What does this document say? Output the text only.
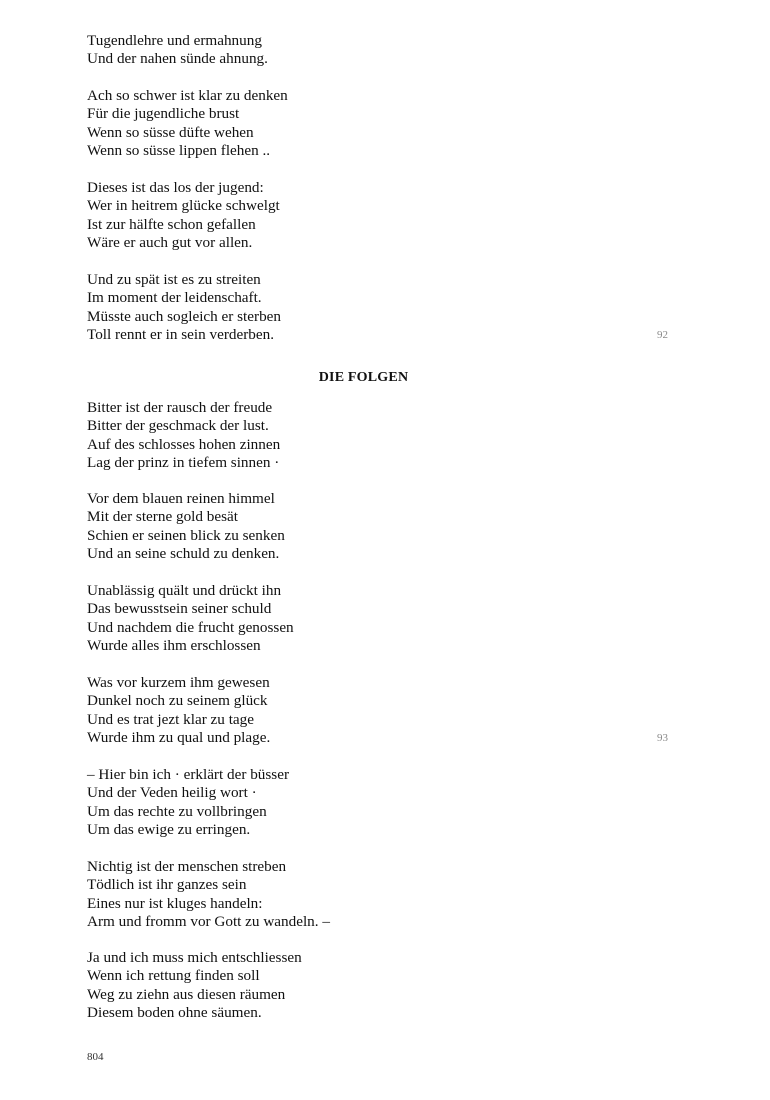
Tugendlehre und ermahnung
Und der nahen sünde ahnung.
Ach so schwer ist klar zu denken
Für die jugendliche brust
Wenn so süsse düfte wehen
Wenn so süsse lippen flehen ..
Dieses ist das los der jugend:
Wer in heitrem glücke schwelgt
Ist zur hälfte schon gefallen
Wäre er auch gut vor allen.
Und zu spät ist es zu streiten
Im moment der leidenschaft.
Müsste auch sogleich er sterben
Toll rennt er in sein verderben.	92
DIE FOLGEN
Bitter ist der rausch der freude
Bitter der geschmack der lust.
Auf des schlosses hohen zinnen
Lag der prinz in tiefem sinnen ·
Vor dem blauen reinen himmel
Mit der sterne gold besät
Schien er seinen blick zu senken
Und an seine schuld zu denken.
Unablässig quält und drückt ihn
Das bewusstsein seiner schuld
Und nachdem die frucht genossen
Wurde alles ihm erschlossen
Was vor kurzem ihm gewesen
Dunkel noch zu seinem glück
Und es trat jezt klar zu tage
Wurde ihm zu qual und plage.	93
– Hier bin ich · erklärt der büsser
Und der Veden heilig wort ·
Um das rechte zu vollbringen
Um das ewige zu erringen.
Nichtig ist der menschen streben
Tödlich ist ihr ganzes sein
Eines nur ist kluges handeln:
Arm und fromm vor Gott zu wandeln. –
Ja und ich muss mich entschliessen
Wenn ich rettung finden soll
Weg zu ziehn aus diesen räumen
Diesem boden ohne säumen.
804
